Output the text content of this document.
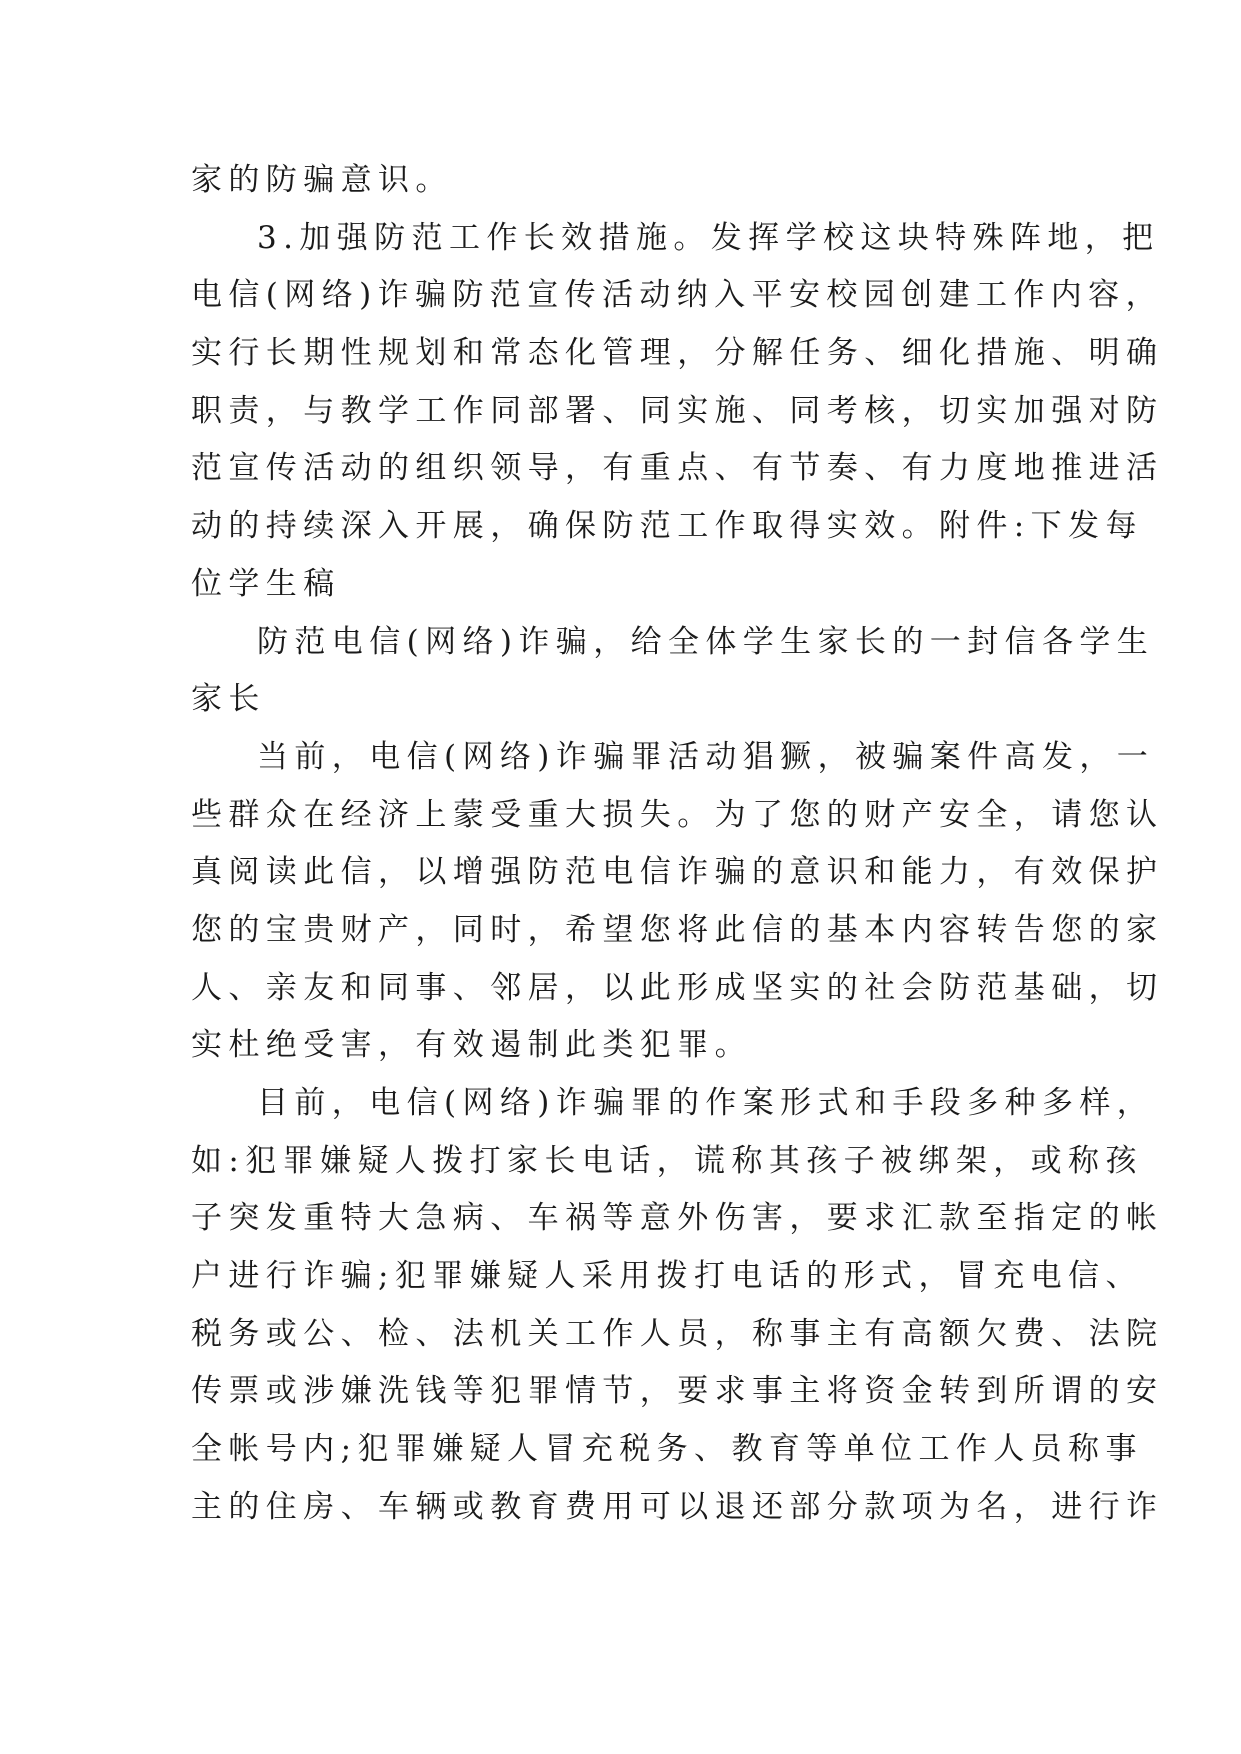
家的防骗意识。
3.加强防范工作长效措施。发挥学校这块特殊阵地，把
电信(网络)诈骗防范宣传活动纳入平安校园创建工作内容，
实行长期性规划和常态化管理，分解任务、细化措施、明确
职责，与教学工作同部署、同实施、同考核，切实加强对防
范宣传活动的组织领导，有重点、有节奏、有力度地推进活
动的持续深入开展，确保防范工作取得实效。附件:下发每
位学生稿
防范电信(网络)诈骗，给全体学生家长的一封信各学生
家长
当前，电信(网络)诈骗罪活动猖獗，被骗案件高发，一
些群众在经济上蒙受重大损失。为了您的财产安全，请您认
真阅读此信，以增强防范电信诈骗的意识和能力，有效保护
您的宝贵财产，同时，希望您将此信的基本内容转告您的家
人、亲友和同事、邻居，以此形成坚实的社会防范基础，切
实杜绝受害，有效遏制此类犯罪。
目前，电信(网络)诈骗罪的作案形式和手段多种多样，
如:犯罪嫌疑人拨打家长电话，谎称其孩子被绑架，或称孩
子突发重特大急病、车祸等意外伤害，要求汇款至指定的帐
户进行诈骗;犯罪嫌疑人采用拨打电话的形式，冒充电信、
税务或公、检、法机关工作人员，称事主有高额欠费、法院
传票或涉嫌洗钱等犯罪情节，要求事主将资金转到所谓的安
全帐号内;犯罪嫌疑人冒充税务、教育等单位工作人员称事
主的住房、车辆或教育费用可以退还部分款项为名，进行诈
